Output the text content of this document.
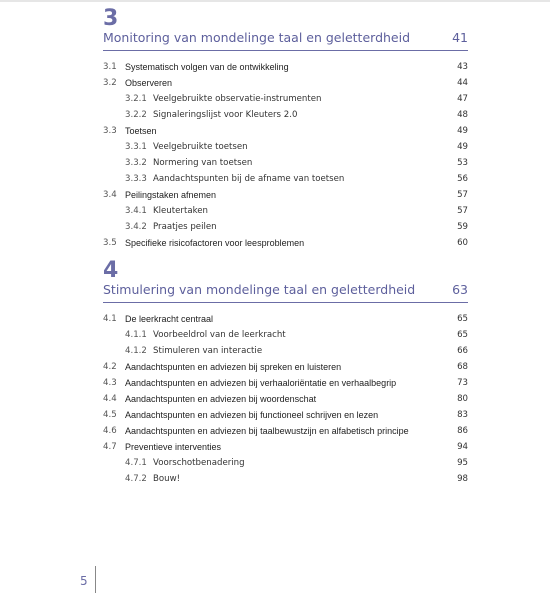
3
Monitoring van mondelinge taal en geletterdheid	41
3.1 Systematisch volgen van de ontwikkeling	43
3.2 Observeren	44
3.2.1 Veelgebruikte observatie-instrumenten	47
3.2.2 Signaleringslijst voor Kleuters 2.0	48
3.3 Toetsen	49
3.3.1 Veelgebruikte toetsen	49
3.3.2 Normering van toetsen	53
3.3.3 Aandachtspunten bij de afname van toetsen	56
3.4 Peilingstaken afnemen	57
3.4.1 Kleutertaken	57
3.4.2 Praatjes peilen	59
3.5 Specifieke risicofactoren voor leesproblemen	60
4
Stimulering van mondelinge taal en geletterdheid	63
4.1 De leerkracht centraal	65
4.1.1 Voorbeeldrol van de leerkracht	65
4.1.2 Stimuleren van interactie	66
4.2 Aandachtspunten en adviezen bij spreken en luisteren	68
4.3 Aandachtspunten en adviezen bij verhaaloriëntatie en verhaalbegrip	73
4.4 Aandachtspunten en adviezen bij woordenschat	80
4.5 Aandachtspunten en adviezen bij functioneel schrijven en lezen	83
4.6 Aandachtspunten en adviezen bij taalbewustzijn en alfabetisch principe	86
4.7 Preventieve interventies	94
4.7.1 Voorschotbenadering	95
4.7.2 Bouw!	98
5
